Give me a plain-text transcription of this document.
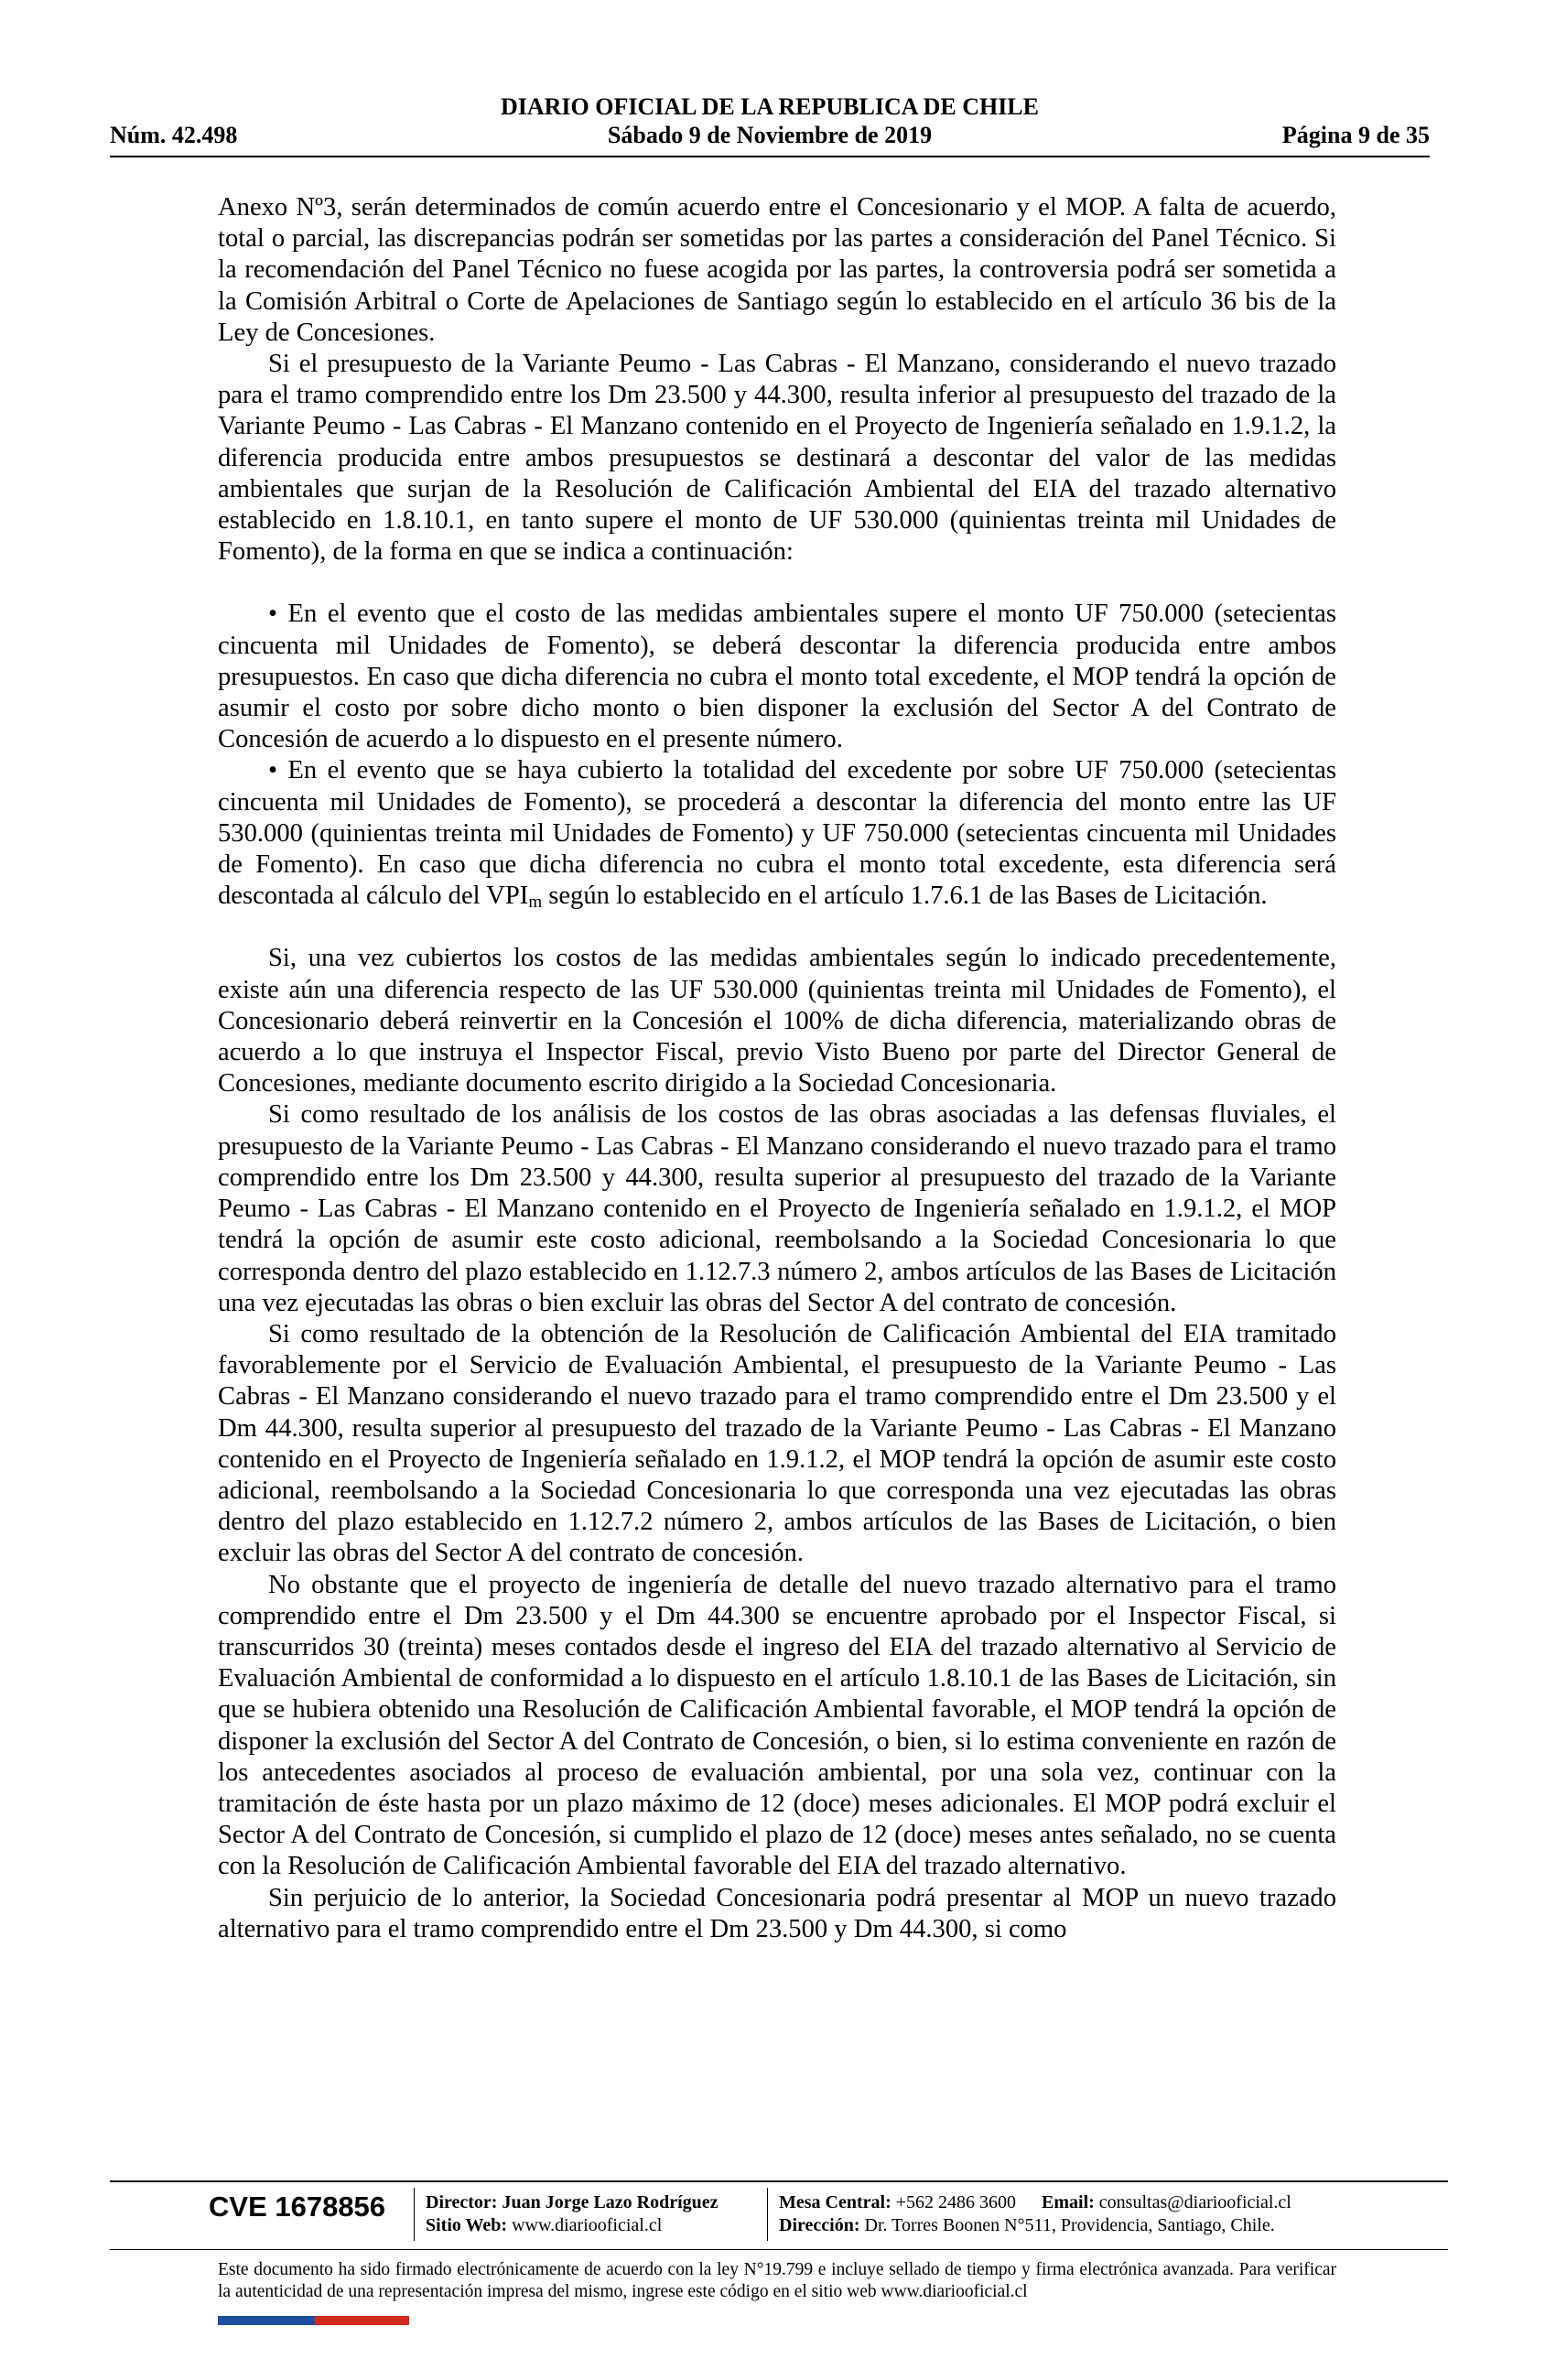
DIARIO OFICIAL DE LA REPUBLICA DE CHILE
Núm. 42.498	Sábado 9 de Noviembre de 2019	Página 9 de 35

Anexo Nº3, serán determinados de común acuerdo entre el Concesionario y el MOP. A falta de acuerdo, total o parcial, las discrepancias podrán ser sometidas por las partes a consideración del Panel Técnico. Si la recomendación del Panel Técnico no fuese acogida por las partes, la controversia podrá ser sometida a la Comisión Arbitral o Corte de Apelaciones de Santiago según lo establecido en el artículo 36 bis de la Ley de Concesiones.

Si el presupuesto de la Variante Peumo - Las Cabras - El Manzano, considerando el nuevo trazado para el tramo comprendido entre los Dm 23.500 y 44.300, resulta inferior al presupuesto del trazado de la Variante Peumo - Las Cabras - El Manzano contenido en el Proyecto de Ingeniería señalado en 1.9.1.2, la diferencia producida entre ambos presupuestos se destinará a descontar del valor de las medidas ambientales que surjan de la Resolución de Calificación Ambiental del EIA del trazado alternativo establecido en 1.8.10.1, en tanto supere el monto de UF 530.000 (quinientas treinta mil Unidades de Fomento), de la forma en que se indica a continuación:

• En el evento que el costo de las medidas ambientales supere el monto UF 750.000 (setecientas cincuenta mil Unidades de Fomento), se deberá descontar la diferencia producida entre ambos presupuestos. En caso que dicha diferencia no cubra el monto total excedente, el MOP tendrá la opción de asumir el costo por sobre dicho monto o bien disponer la exclusión del Sector A del Contrato de Concesión de acuerdo a lo dispuesto en el presente número.

• En el evento que se haya cubierto la totalidad del excedente por sobre UF 750.000 (setecientas cincuenta mil Unidades de Fomento), se procederá a descontar la diferencia del monto entre las UF 530.000 (quinientas treinta mil Unidades de Fomento) y UF 750.000 (setecientas cincuenta mil Unidades de Fomento). En caso que dicha diferencia no cubra el monto total excedente, esta diferencia será descontada al cálculo del $VPI_m$ según lo establecido en el artículo 1.7.6.1 de las Bases de Licitación.

Si, una vez cubiertos los costos de las medidas ambientales según lo indicado precedentemente, existe aún una diferencia respecto de las UF 530.000 (quinientas treinta mil Unidades de Fomento), el Concesionario deberá reinvertir en la Concesión el 100% de dicha diferencia, materializando obras de acuerdo a lo que instruya el Inspector Fiscal, previo Visto Bueno por parte del Director General de Concesiones, mediante documento escrito dirigido a la Sociedad Concesionaria.

Si como resultado de los análisis de los costos de las obras asociadas a las defensas fluviales, el presupuesto de la Variante Peumo - Las Cabras - El Manzano considerando el nuevo trazado para el tramo comprendido entre los Dm 23.500 y 44.300, resulta superior al presupuesto del trazado de la Variante Peumo - Las Cabras - El Manzano contenido en el Proyecto de Ingeniería señalado en 1.9.1.2, el MOP tendrá la opción de asumir este costo adicional, reembolsando a la Sociedad Concesionaria lo que corresponda dentro del plazo establecido en 1.12.7.3 número 2, ambos artículos de las Bases de Licitación una vez ejecutadas las obras o bien excluir las obras del Sector A del contrato de concesión.

Si como resultado de la obtención de la Resolución de Calificación Ambiental del EIA tramitado favorablemente por el Servicio de Evaluación Ambiental, el presupuesto de la Variante Peumo - Las Cabras - El Manzano considerando el nuevo trazado para el tramo comprendido entre el Dm 23.500 y el Dm 44.300, resulta superior al presupuesto del trazado de la Variante Peumo - Las Cabras - El Manzano contenido en el Proyecto de Ingeniería señalado en 1.9.1.2, el MOP tendrá la opción de asumir este costo adicional, reembolsando a la Sociedad Concesionaria lo que corresponda una vez ejecutadas las obras dentro del plazo establecido en 1.12.7.2 número 2, ambos artículos de las Bases de Licitación, o bien excluir las obras del Sector A del contrato de concesión.

No obstante que el proyecto de ingeniería de detalle del nuevo trazado alternativo para el tramo comprendido entre el Dm 23.500 y el Dm 44.300 se encuentre aprobado por el Inspector Fiscal, si transcurridos 30 (treinta) meses contados desde el ingreso del EIA del trazado alternativo al Servicio de Evaluación Ambiental de conformidad a lo dispuesto en el artículo 1.8.10.1 de las Bases de Licitación, sin que se hubiera obtenido una Resolución de Calificación Ambiental favorable, el MOP tendrá la opción de disponer la exclusión del Sector A del Contrato de Concesión, o bien, si lo estima conveniente en razón de los antecedentes asociados al proceso de evaluación ambiental, por una sola vez, continuar con la tramitación de éste hasta por un plazo máximo de 12 (doce) meses adicionales. El MOP podrá excluir el Sector A del Contrato de Concesión, si cumplido el plazo de 12 (doce) meses antes señalado, no se cuenta con la Resolución de Calificación Ambiental favorable del EIA del trazado alternativo.

Sin perjuicio de lo anterior, la Sociedad Concesionaria podrá presentar al MOP un nuevo trazado alternativo para el tramo comprendido entre el Dm 23.500 y Dm 44.300, si como

CVE 1678856 Director: Juan Jorge Lazo Rodríguez
Sitio Web: www.diariooficial.cl
Mesa Central: +562 2486 3600 Email: consultas@diariooficial.cl
Dirección: Dr. Torres Boonen N°511, Providencia, Santiago, Chile.
Este documento ha sido firmado electrónicamente de acuerdo con la ley N°19.799 e incluye sellado de tiempo y firma electrónica avanzada. Para verificar la autenticidad de una representación impresa del mismo, ingrese este código en el sitio web www.diariooficial.cl
